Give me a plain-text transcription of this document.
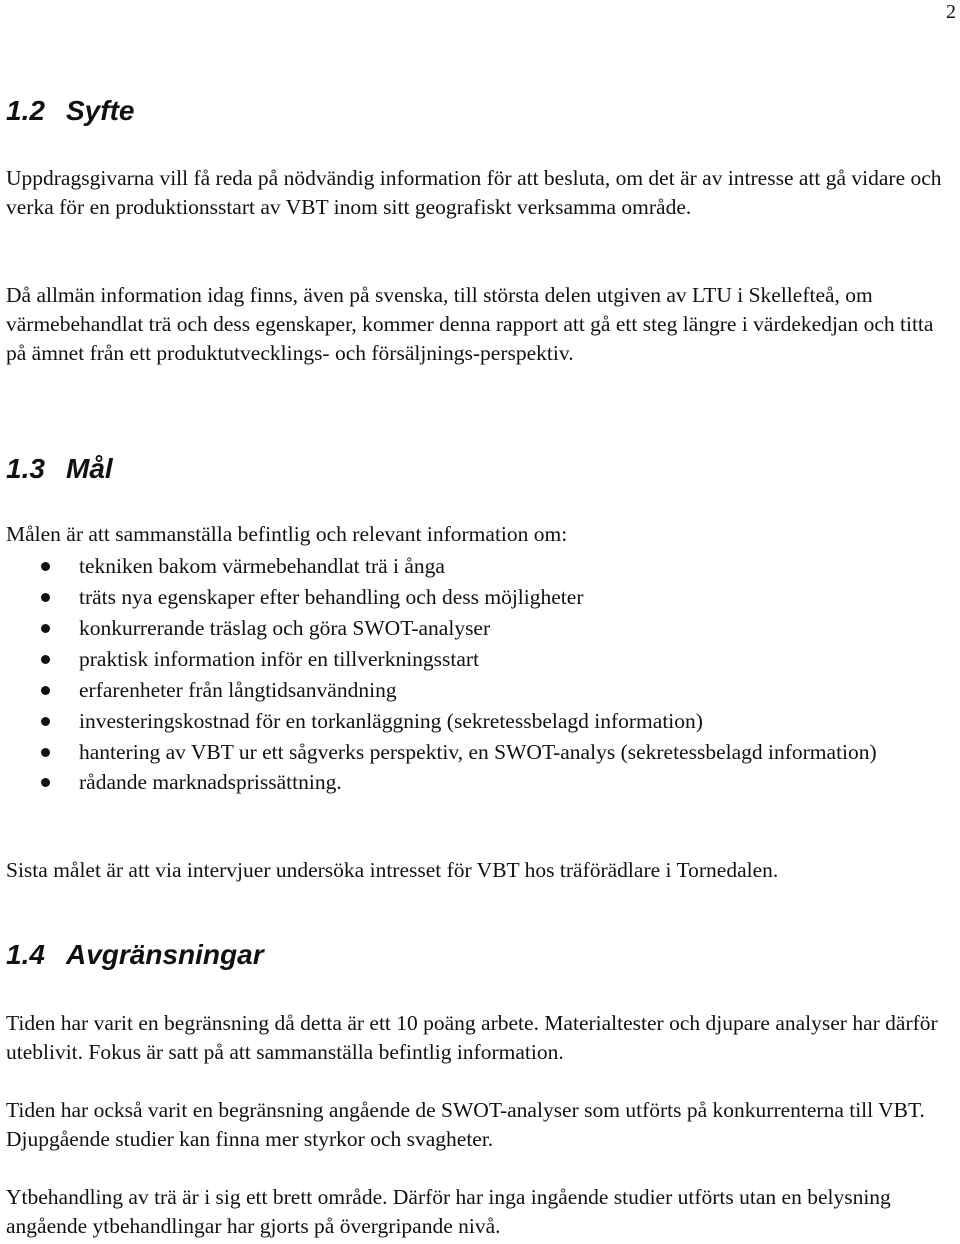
2
1.2 Syfte

Uppdragsgivarna vill få reda på nödvändig information för att besluta, om det är av intresse att gå vidare och verka för en produktionsstart av VBT inom sitt geografiskt verksamma område.

Då allmän information idag finns, även på svenska, till största delen utgiven av LTU i Skellefteå, om värmebehandlat trä och dess egenskaper, kommer denna rapport att gå ett steg längre i värdekedjan och titta på ämnet från ett produktutvecklings- och försäljnings-perspektiv.

1.3 Mål

Målen är att sammanställa befintlig och relevant information om:

tekniken bakom värmebehandlat trä i ånga
träts nya egenskaper efter behandling och dess möjligheter
konkurrerande träslag och göra SWOT-analyser
praktisk information inför en tillverkningsstart
erfarenheter från långtidsanvändning
investeringskostnad för en torkanläggning (sekretessbelagd information)
hantering av VBT ur ett sågverks perspektiv, en SWOT-analys (sekretessbelagd information)
rådande marknadsprissättning.

Sista målet är att via intervjuer undersöka intresset för VBT hos träförädlare i Tornedalen.

1.4 Avgränsningar

Tiden har varit en begränsning då detta är ett 10 poäng arbete. Materialtester och djupare analyser har därför uteblivit. Fokus är satt på att sammanställa befintlig information.

Tiden har också varit en begränsning angående de SWOT-analyser som utförts på konkurrenterna till VBT. Djupgående studier kan finna mer styrkor och svagheter.

Ytbehandling av trä är i sig ett brett område. Därför har inga ingående studier utförts utan en belysning angående ytbehandlingar har gjorts på övergripande nivå.
